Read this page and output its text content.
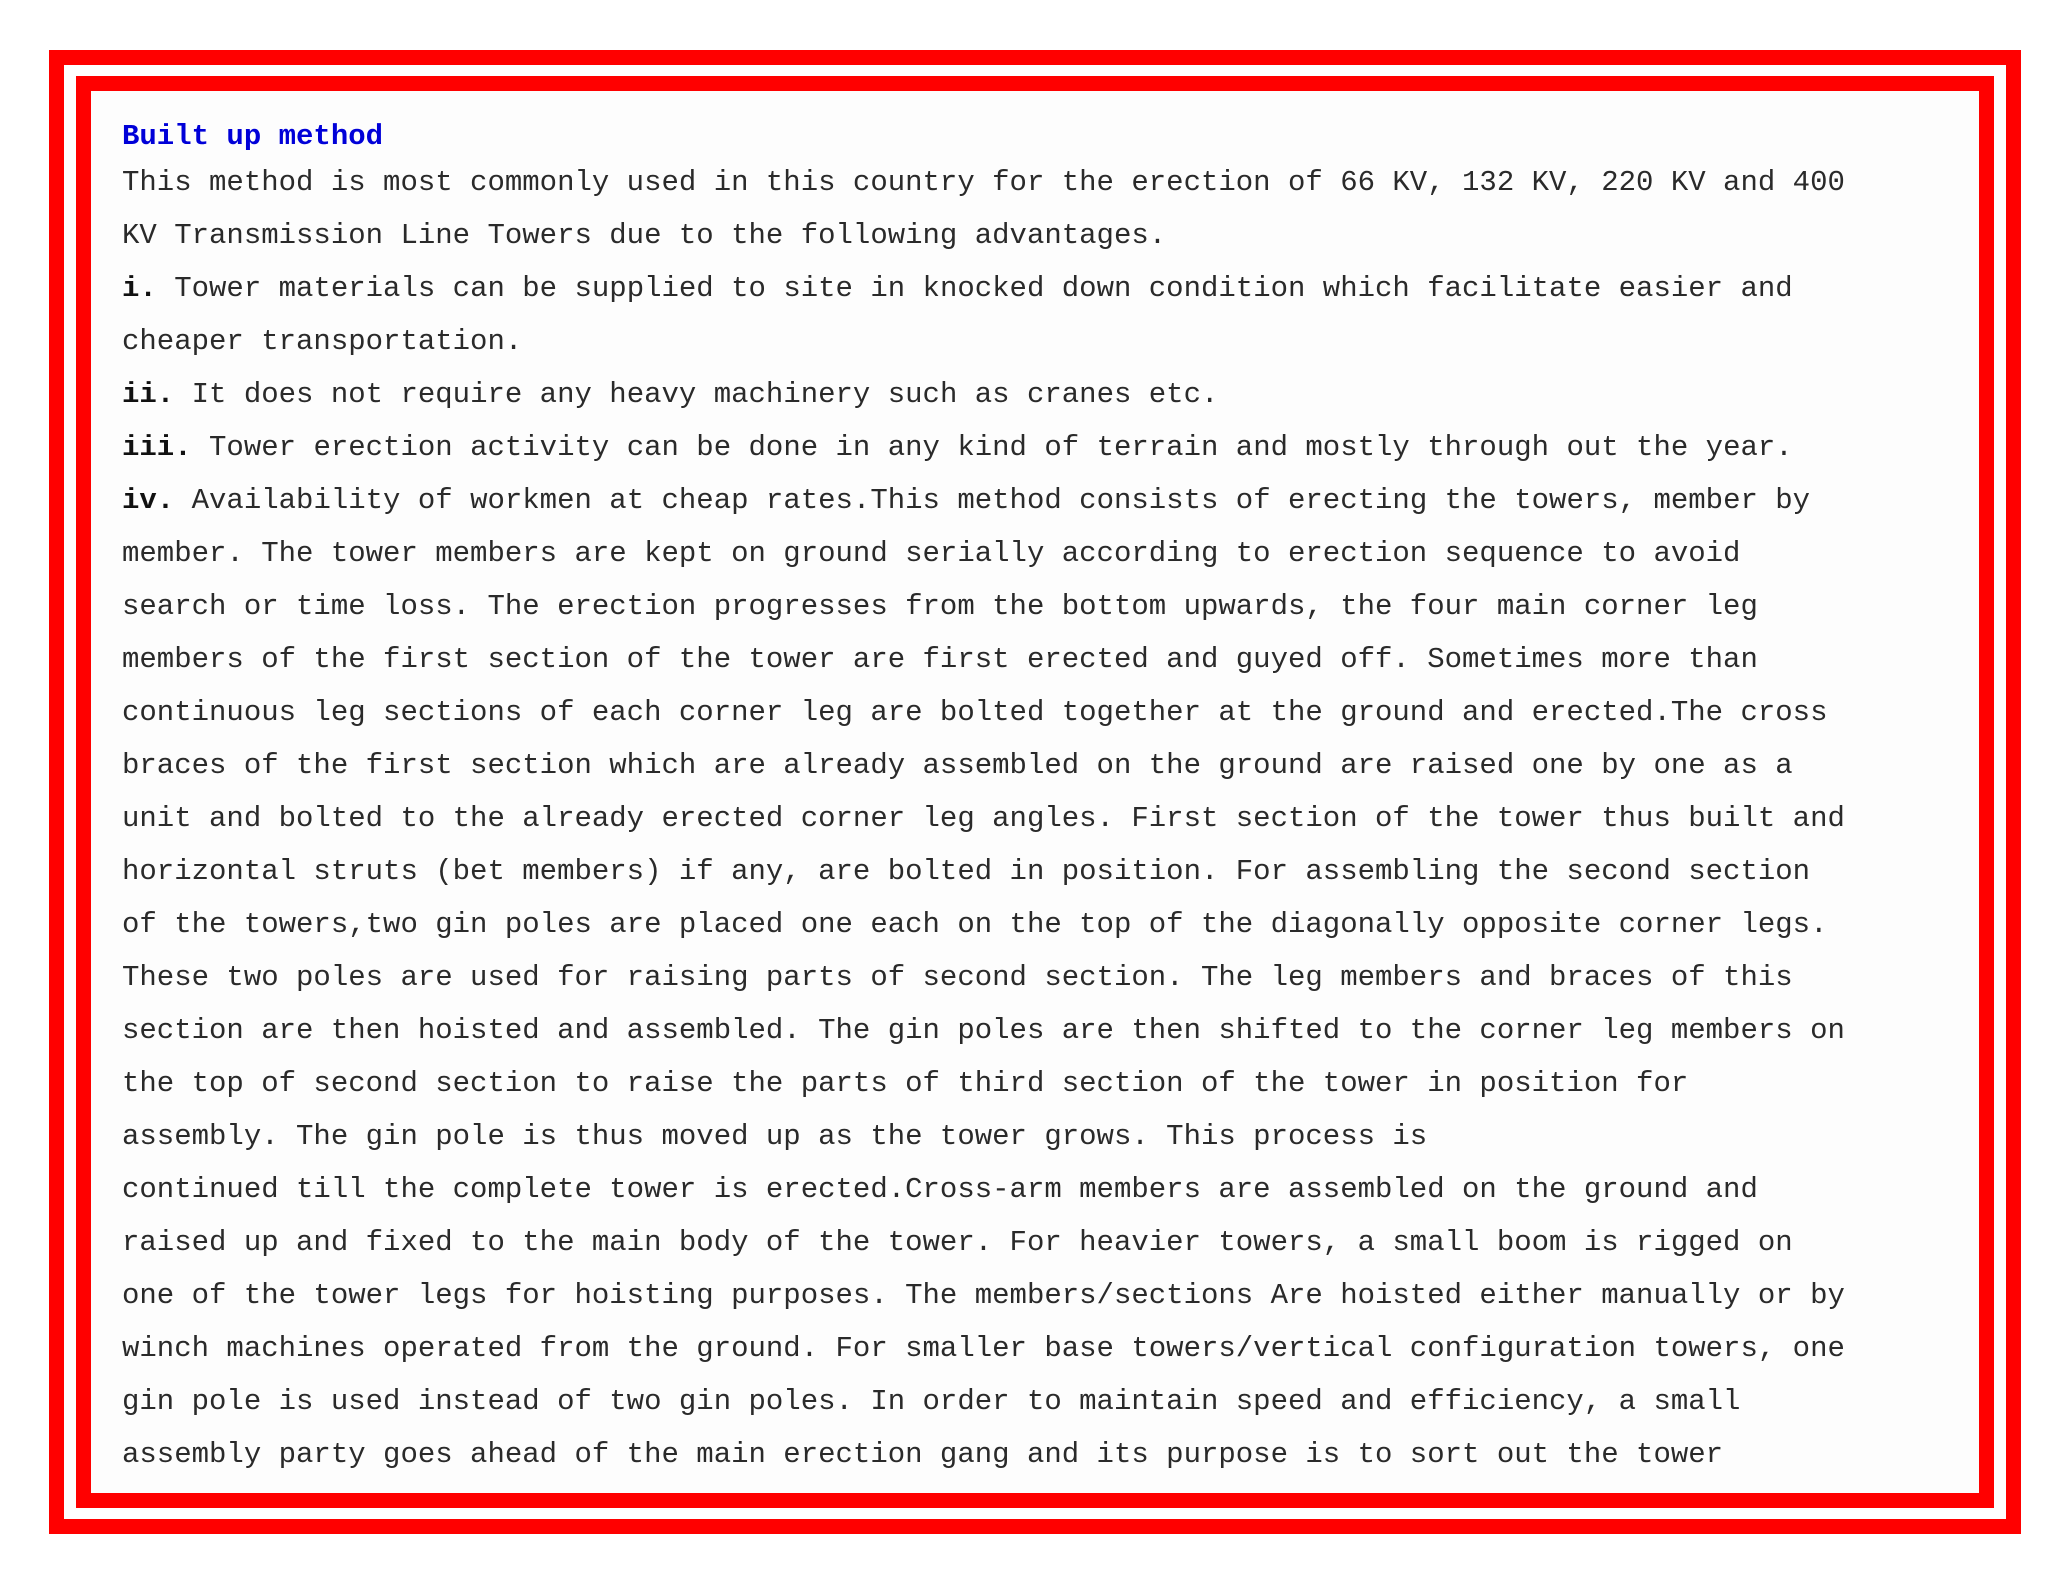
Built up method
This method is most commonly used in this country for the erection of 66 KV, 132 KV, 220 KV and 400
KV Transmission Line Towers due to the following advantages.
i. Tower materials can be supplied to site in knocked down condition which facilitate easier and
cheaper transportation.
ii. It does not require any heavy machinery such as cranes etc.
iii. Tower erection activity can be done in any kind of terrain and mostly through out the year.
iv. Availability of workmen at cheap rates.This method consists of erecting the towers, member by
member. The tower members are kept on ground serially according to erection sequence to avoid
search or time loss. The erection progresses from the bottom upwards, the four main corner leg
members of the first section of the tower are first erected and guyed off. Sometimes more than
continuous leg sections of each corner leg are bolted together at the ground and erected.The cross
braces of the first section which are already assembled on the ground are raised one by one as a
unit and bolted to the already erected corner leg angles. First section of the tower thus built and
horizontal struts (bet members) if any, are bolted in position. For assembling the second section
of the towers,two gin poles are placed one each on the top of the diagonally opposite corner legs.
These two poles are used for raising parts of second section. The leg members and braces of this
section are then hoisted and assembled. The gin poles are then shifted to the corner leg members on
the top of second section to raise the parts of third section of the tower in position for
assembly. The gin pole is thus moved up as the tower grows. This process is
continued till the complete tower is erected.Cross-arm members are assembled on the ground and
raised up and fixed to the main body of the tower. For heavier towers, a small boom is rigged on
one of the tower legs for hoisting purposes. The members/sections Are hoisted either manually or by
winch machines operated from the ground. For smaller base towers/vertical configuration towers, one
gin pole is used instead of two gin poles. In order to maintain speed and efficiency, a small
assembly party goes ahead of the main erection gang and its purpose is to sort out the tower
